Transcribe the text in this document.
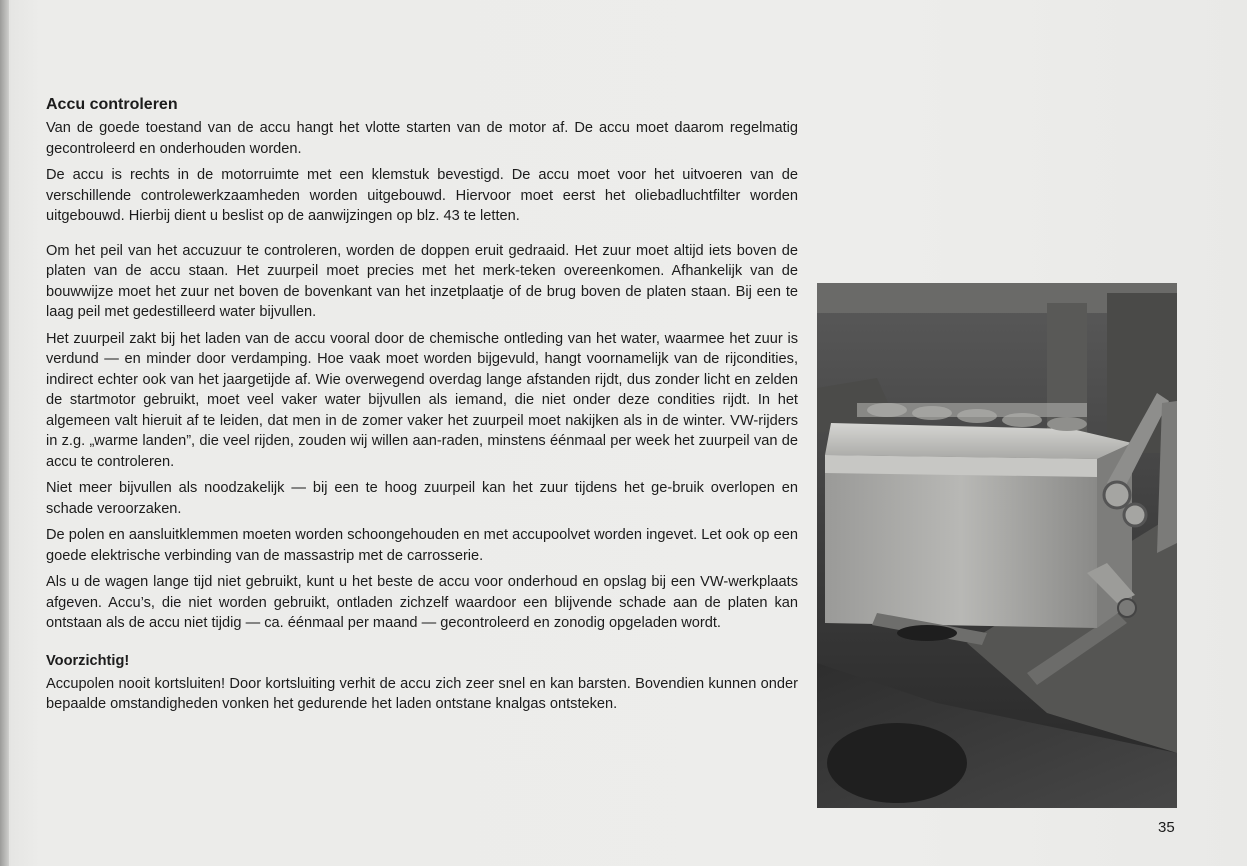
Accu controleren

Van de goede toestand van de accu hangt het vlotte starten van de motor af. De accu moet daarom regelmatig gecontroleerd en onderhouden worden.

De accu is rechts in de motorruimte met een klemstuk bevestigd. De accu moet voor het uitvoeren van de verschillende controlewerkzaamheden worden uitgebouwd. Hiervoor moet eerst het oliebadluchtfilter worden uitgebouwd. Hierbij dient u beslist op de aanwijzingen op blz. 43 te letten.

Om het peil van het accuzuur te controleren, worden de doppen eruit gedraaid. Het zuur moet altijd iets boven de platen van de accu staan. Het zuurpeil moet precies met het merk-teken overeenkomen. Afhankelijk van de bouwwijze moet het zuur net boven de bovenkant van het inzetplaatje of de brug boven de platen staan. Bij een te laag peil met gedestilleerd water bijvullen.

Het zuurpeil zakt bij het laden van de accu vooral door de chemische ontleding van het water, waarmee het zuur is verdund — en minder door verdamping. Hoe vaak moet worden bijgevuld, hangt voornamelijk van de rijcondities, indirect echter ook van het jaargetijde af. Wie overwegend overdag lange afstanden rijdt, dus zonder licht en zelden de startmotor gebruikt, moet veel vaker water bijvullen als iemand, die niet onder deze condities rijdt. In het algemeen valt hieruit af te leiden, dat men in de zomer vaker het zuurpeil moet nakijken als in de winter. VW-rijders in z.g. „warme landen”, die veel rijden, zouden wij willen aan-raden, minstens éénmaal per week het zuurpeil van de accu te controleren.

Niet meer bijvullen als noodzakelijk — bij een te hoog zuurpeil kan het zuur tijdens het ge-bruik overlopen en schade veroorzaken.

De polen en aansluitklemmen moeten worden schoongehouden en met accupoolvet worden ingevet. Let ook op een goede elektrische verbinding van de massastrip met de carrosserie.

Als u de wagen lange tijd niet gebruikt, kunt u het beste de accu voor onderhoud en opslag bij een VW-werkplaats afgeven. Accu’s, die niet worden gebruikt, ontladen zichzelf waardoor een blijvende schade aan de platen kan ontstaan als de accu niet tijdig — ca. éénmaal per maand — gecontroleerd en zonodig opgeladen wordt.

Voorzichtig!

Accupolen nooit kortsluiten! Door kortsluiting verhit de accu zich zeer snel en kan barsten. Bovendien kunnen onder bepaalde omstandigheden vonken het gedurende het laden ontstane knalgas ontsteken.

35
